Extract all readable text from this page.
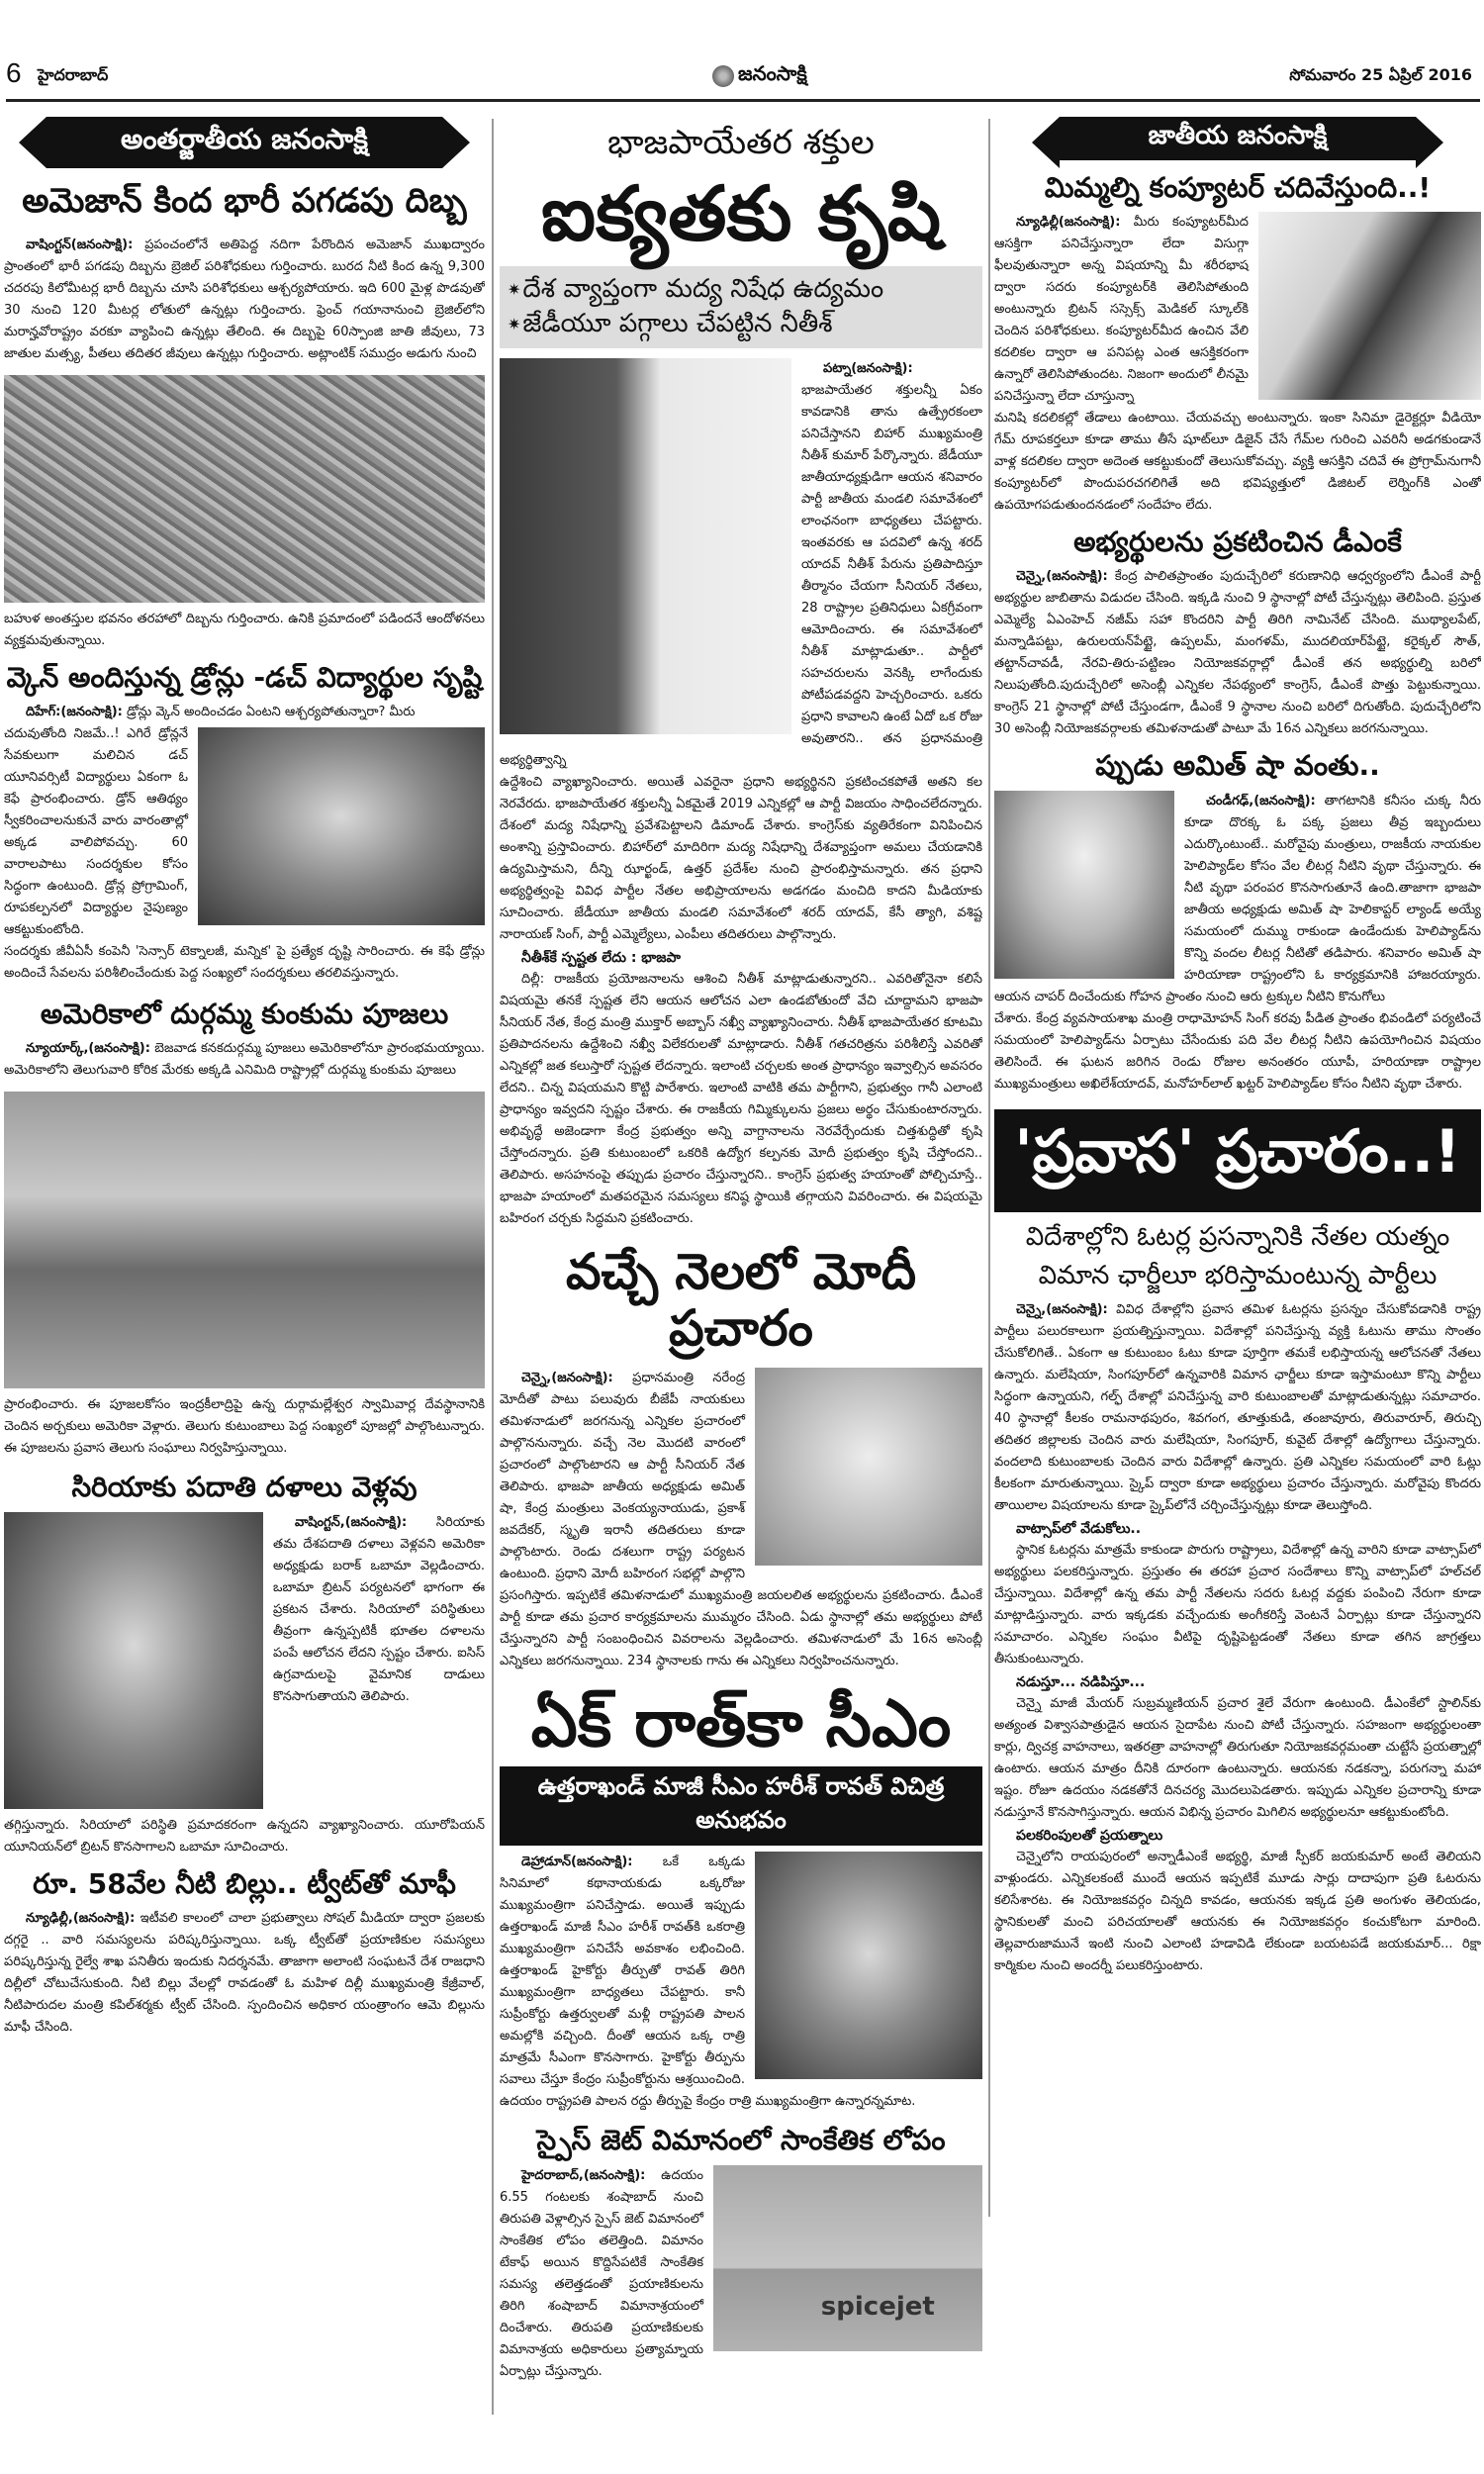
6 హైదరాబాద్	జనంసాక్షి	సోమవారం 25 ఏప్రిల్ 2016
అంతర్జాతీయ జనంసాక్షి
అమెజాన్ కింద భారీ పగడపు దిబ్బ

వాషింగ్టన్(జనంసాక్షి): ప్రపంచంలోనే అతిపెద్ద నదిగా పేరొందిన అమెజాన్ ముఖద్వారం ప్రాంతంలో భారీ పగడపు దిబ్బను బ్రెజిల్ పరిశోధకులు గుర్తించారు. బురద నీటి కింద ఉన్న 9,300 చదరపు కిలోమీటర్ల భారీ దిబ్బను చూసి పరిశోధకులు ఆశ్చర్యపోయారు. ఇది 600 మైళ్ల పొడవుతో 30 నుంచి 120 మీటర్ల లోతులో ఉన్నట్లు గుర్తించారు. ఫ్రెంచ్ గయానానుంచి బ్రెజిల్‌లోని మరాన్హవోరాష్ట్రం వరకూ వ్యాపించి ఉన్నట్లు తేలింది. ఈ దిబ్బపై 60స్పాంజి జాతి జీవులు, 73 జాతుల మత్స్య, పీతలు తదితర జీవులు ఉన్నట్లు గుర్తించారు. అట్లాంటిక్ సముద్రం అడుగు నుంచి

బహుళ అంతస్తుల భవనం తరహాలో దిబ్బను గుర్తించారు. ఉనికి ప్రమాదంలో పడిందనే ఆందోళనలు వ్యక్తమవుతున్నాయి.

వ్కెన్ అందిస్తున్న డ్రోన్లు -డచ్ విద్యార్థుల సృష్టి

దిహేగ్:(జనంసాక్షి): డ్రోన్లు వ్కెన్ అందించడం ఏంటని ఆశ్చర్యపోతున్నారా? మీరు

చదువుతోంది నిజమే..! ఎగిరే డ్రోన్లనే సేవకులుగా మలిచిన డచ్ యూనివర్సిటీ విద్యార్థులు ఏకంగా ఓ కెఫే ప్రారంభించారు. డ్రోన్ ఆతిథ్యం స్వీకరించాలనుకునే వారు వారంతాల్లో అక్కడ వాలిపోవచ్చు. 60 వారాలపాటు సందర్శకుల కోసం సిద్ధంగా ఉంటుంది. డ్రోన్ల ప్రోగ్రామింగ్, రూపకల్పనలో విద్యార్థుల నైపుణ్యం ఆకట్టుకుంటోంది.

సందర్శకు జీవీఏసీ కంపెనీ 'సెన్సార్ టెక్నాలజీ, మన్నిక' పై ప్రత్యేక దృష్టి సారించారు. ఈ కెఫే డ్రోన్లు అందించే సేవలను పరిశీలించేందుకు పెద్ద సంఖ్యలో సందర్శకులు తరలివస్తున్నారు.

అమెరికాలో దుర్గమ్మ కుంకుమ పూజలు

న్యూయార్క్,(జనంసాక్షి): బెజవాడ కనకదుర్గమ్మ పూజలు అమెరికాలోనూ ప్రారంభమయ్యాయి. అమెరికాలోని తెలుగువారి కోరిక మేరకు అక్కడి ఎనిమిది రాష్ట్రాల్లో దుర్గమ్మ కుంకుమ పూజలు

ప్రారంభించారు. ఈ పూజలకోసం ఇంద్రకీలాద్రిపై ఉన్న దుర్గామల్లేశ్వర స్వామివార్ల దేవస్థానానికి చెందిన అర్చకులు అమెరికా వెళ్లారు. తెలుగు కుటుంబాలు పెద్ద సంఖ్యలో పూజల్లో పాల్గొంటున్నారు. ఈ పూజలను ప్రవాస తెలుగు సంఘాలు నిర్వహిస్తున్నాయి.

సిరియాకు పదాతి దళాలు వెళ్లవు

వాషింగ్టన్,(జనంసాక్షి): సిరియాకు తమ దేశపదాతి దళాలు వెళ్లవని అమెరికా అధ్యక్షుడు బరాక్ ఒబామా వెల్లడించారు. ఒబామా బ్రిటన్ పర్యటనలో భాగంగా ఈ ప్రకటన చేశారు. సిరియాలో పరిస్థితులు తీవ్రంగా ఉన్నప్పటికీ భూతల దళాలను పంపే ఆలోచన లేదని స్పష్టం చేశారు. ఐసిస్ ఉగ్రవాదులపై వైమానిక దాడులు కొనసాగుతాయని తెలిపారు.

తగ్గిస్తున్నారు. సిరియాలో పరిస్థితి ప్రమాదకరంగా ఉన్నదని వ్యాఖ్యానించారు. యూరోపియన్ యూనియన్‌లో బ్రిటన్ కొనసాగాలని ఒబామా సూచించారు.

రూ. 58వేల నీటి బిల్లు.. ట్వీట్‌తో మాఫీ

న్యూఢిల్లీ,(జనంసాక్షి): ఇటీవలి కాలంలో చాలా ప్రభుత్వాలు సోషల్ మీడియా ద్వారా ప్రజలకు దగ్గరై .. వారి సమస్యలను పరిష్కరిస్తున్నాయి. ఒక్క ట్వీట్‌తో ప్రయాణికుల సమస్యలు పరిష్కరిస్తున్న రైల్వే శాఖ పనితీరు ఇందుకు నిదర్శనమే. తాజాగా అలాంటి సంఘటనే దేశ రాజధాని దిల్లీలో చోటుచేసుకుంది. నీటి బిల్లు వేలల్లో రావడంతో ఓ మహిళ దిల్లీ ముఖ్యమంత్రి కేజ్రీవాల్, నీటిపారుదల మంత్రి కపిల్‌శర్మకు ట్వీట్ చేసింది. స్పందించిన అధికార యంత్రాంగం ఆమె బిల్లును మాఫీ చేసింది.

భాజపాయేతర శక్తుల
ఐక్యతకు కృషి
✷ దేశ వ్యాప్తంగా మద్య నిషేధ ఉద్యమం
✷ జేడీయూ పగ్గాలు చేపట్టిన నీతీశ్

పట్నా(జనంసాక్షి): భాజపాయేతర శక్తులన్నీ ఏకం కావడానికి తాను ఉత్ప్రేరకంలా పనిచేస్తానని బిహార్ ముఖ్యమంత్రి నీతీశ్ కుమార్ పేర్కొన్నారు. జేడీయూ జాతీయాధ్యక్షుడిగా ఆయన శనివారం పార్టీ జాతీయ మండలి సమావేశంలో లాంఛనంగా బాధ్యతలు చేపట్టారు. ఇంతవరకు ఆ పదవిలో ఉన్న శరద్ యాదవ్ నీతీశ్ పేరును ప్రతిపాదిస్తూ తీర్మానం చేయగా సీనియర్ నేతలు, 28 రాష్ట్రాల ప్రతినిధులు ఏకగ్రీవంగా ఆమోదించారు. ఈ సమావేశంలో నీతీశ్ మాట్లాడుతూ.. పార్టీలో సహచరులను వెనక్కి లాగేందుకు పోటీపడవద్దని హెచ్చరించారు. ఒకరు ప్రధాని కావాలని ఉంటే ఏదో ఒక రోజు అవుతారని.. తన ప్రధానమంత్రి అభ్యర్థిత్వాన్ని

ఉద్దేశించి వ్యాఖ్యానించారు. అయితే ఎవరైనా ప్రధాని అభ్యర్థినని ప్రకటించకపోతే అతని కల నెరవేరదు. భాజపాయేతర శక్తులన్నీ ఏకమైతే 2019 ఎన్నికల్లో ఆ పార్టీ విజయం సాధించలేదన్నారు. దేశంలో మద్య నిషేధాన్ని ప్రవేశపెట్టాలని డిమాండ్ చేశారు. కాంగ్రెస్‌కు వ్యతిరేకంగా వినిపించిన అంశాన్ని ప్రస్తావించారు. బిహార్‌లో మాదిరిగా మద్య నిషేధాన్ని దేశవ్యాప్తంగా అమలు చేయడానికి ఉద్యమిస్తామని, దీన్ని ఝార్ఖండ్, ఉత్తర్ ప్రదేశ్‌ల నుంచి ప్రారంభిస్తామన్నారు. తన ప్రధాని అభ్యర్థిత్వంపై వివిధ పార్టీల నేతల అభిప్రాయాలను అడగడం మంచిది కాదని మీడియాకు సూచించారు. జేడీయూ జాతీయ మండలి సమావేశంలో శరద్ యాదవ్, కేసీ త్యాగి, వశిష్ట నారాయణ్ సింగ్, పార్టీ ఎమ్మెల్యేలు, ఎంపీలు తదితరులు పాల్గొన్నారు.

నీతీశ్‌కే స్పష్టత లేదు : భాజపా

దిల్లీ: రాజకీయ ప్రయోజనాలను ఆశించి నీతీశ్ మాట్లాడుతున్నారని.. ఎవరితోనైనా కలిసే విషయమై తనకే స్పష్టత లేని ఆయన ఆలోచన ఎలా ఉండబోతుందో వేచి చూద్దామని భాజపా సీనియర్ నేత, కేంద్ర మంత్రి ముక్తార్ అబ్బాస్ నఖ్వీ వ్యాఖ్యానించారు. నీతీశ్ భాజపాయేతర కూటమి ప్రతిపాదనలను ఉద్దేశించి నఖ్వీ విలేకరులతో మాట్లాడారు. నీతీశ్ గతచరిత్రను పరిశీలిస్తే ఎవరితో ఎన్నికల్లో జత కలుస్తారో స్పష్టత లేదన్నారు. ఇలాంటి చర్చలకు అంత ప్రాధాన్యం ఇవ్వాల్సిన అవసరం లేదని.. చిన్న విషయమని కొట్టి పారేశారు. ఇలాంటి వాటికి తమ పార్టీగాని, ప్రభుత్వం గానీ ఎలాంటి ప్రాధాన్యం ఇవ్వదని స్పష్టం చేశారు. ఈ రాజకీయ గిమ్మిక్కులను ప్రజలు అర్థం చేసుకుంటారన్నారు. అభివృద్ధే అజెండాగా కేంద్ర ప్రభుత్వం అన్ని వాగ్దానాలను నెరవేర్చేందుకు చిత్తశుద్ధితో కృషి చేస్తోందన్నారు. ప్రతి కుటుంబంలో ఒకరికి ఉద్యోగ కల్పనకు మోదీ ప్రభుత్వం కృషి చేస్తోందని.. తెలిపారు. అసహనంపై తప్పుడు ప్రచారం చేస్తున్నారని.. కాంగ్రెస్ ప్రభుత్వ హయాంతో పోల్చిచూస్తే.. భాజపా హయాంలో మతపరమైన సమస్యలు కనిష్ఠ స్థాయికి తగ్గాయని వివరించారు. ఈ విషయమై బహిరంగ చర్చకు సిద్ధమని ప్రకటించారు.

వచ్చే నెలలో మోదీ ప్రచారం

చెన్నై,(జనంసాక్షి): ప్రధానమంత్రి నరేంద్ర మోదీతో పాటు పలువురు బీజేపీ నాయకులు తమిళనాడులో జరగనున్న ఎన్నికల ప్రచారంలో పాల్గొననున్నారు. వచ్చే నెల మొదటి వారంలో ప్రచారంలో పాల్గొంటారని ఆ పార్టీ సీనియర్ నేత తెలిపారు. భాజపా జాతీయ అధ్యక్షుడు అమిత్ షా, కేంద్ర మంత్రులు వెంకయ్యనాయుడు, ప్రకాశ్ జవదేకర్, స్మృతి ఇరానీ తదితరులు కూడా పాల్గొంటారు. రెండు దశలుగా రాష్ట్ర పర్యటన ఉంటుంది. ప్రధాని మోదీ బహిరంగ సభల్లో పాల్గొని ప్రసంగిస్తారు. ఇప్పటికే తమిళనాడులో ముఖ్యమంత్రి జయలలిత అభ్యర్థులను ప్రకటించారు. డీఎంకే పార్టీ కూడా తమ ప్రచార కార్యక్రమాలను ముమ్మరం చేసింది. ఏడు స్థానాల్లో తమ అభ్యర్థులు పోటీ చేస్తున్నారని పార్టీ సంబంధించిన వివరాలను వెల్లడించారు. తమిళనాడులో మే 16న అసెంబ్లీ ఎన్నికలు జరగనున్నాయి. 234 స్థానాలకు గాను ఈ ఎన్నికలు నిర్వహించనున్నారు.

ఏక్ రాత్‌కా సీఎం
ఉత్తరాఖండ్ మాజీ సీఎం హరీశ్ రావత్ విచిత్ర అనుభవం

డెహ్రాడూన్(జనంసాక్షి): ఒకే ఒక్కడు సినిమాలో కథానాయకుడు ఒక్కరోజు ముఖ్యమంత్రిగా పనిచేస్తాడు. అయితే ఇప్పుడు ఉత్తరాఖండ్ మాజీ సీఎం హరీశ్ రావత్‌కి ఒకరాత్రి ముఖ్యమంత్రిగా పనిచేసే అవకాశం లభించింది. ఉత్తరాఖండ్ హైకోర్టు తీర్పుతో రావత్ తిరిగి ముఖ్యమంత్రిగా బాధ్యతలు చేపట్టారు. కానీ సుప్రీంకోర్టు ఉత్తర్వులతో మళ్లీ రాష్ట్రపతి పాలన అమల్లోకి వచ్చింది. దీంతో ఆయన ఒక్క రాత్రి మాత్రమే సీఎంగా కొనసాగారు. హైకోర్టు తీర్పును సవాలు చేస్తూ కేంద్రం సుప్రీంకోర్టును ఆశ్రయించింది. ఉదయం రాష్ట్రపతి పాలన రద్దు తీర్పుపై కేంద్రం రాత్రి ముఖ్యమంత్రిగా ఉన్నారన్నమాట.

స్పైస్ జెట్ విమానంలో సాంకేతిక లోపం
spicejet

హైదరాబాద్,(జనంసాక్షి): ఉదయం 6.55 గంటలకు శంషాబాద్ నుంచి తిరుపతి వెళ్లాల్సిన స్పైస్ జెట్ విమానంలో సాంకేతిక లోపం తలెత్తింది. విమానం టేకాఫ్ అయిన కొద్దిసేపటికే సాంకేతిక సమస్య తలెత్తడంతో ప్రయాణికులను తిరిగి శంషాబాద్ విమానాశ్రయంలో దించేశారు. తిరుపతి ప్రయాణికులకు విమానాశ్రయ అధికారులు ప్రత్యామ్నాయ ఏర్పాట్లు చేస్తున్నారు.

జాతీయ జనంసాక్షి
మిమ్మల్ని కంప్యూటర్ చదివేస్తుంది..!

న్యూఢిల్లీ(జనంసాక్షి): మీరు కంప్యూటర్‌మీద ఆసక్తిగా పనిచేస్తున్నారా లేదా విసుగ్గా ఫీలవుతున్నారా అన్న విషయాన్ని మీ శరీరభాష ద్వారా సదరు కంప్యూటర్‌కి తెలిసిపోతుంది అంటున్నారు బ్రిటన్ సస్సెక్స్ మెడికల్ స్కూల్‌కి చెందిన పరిశోధకులు. కంప్యూటర్‌మీద ఉంచిన వేలి కదలికల ద్వారా ఆ పనిపట్ల ఎంత ఆసక్తికరంగా ఉన్నారో తెలిసిపోతుందట. నిజంగా అందులో లీనమై పనిచేస్తున్నా లేదా చూస్తున్నా

మనిషి కదలికల్లో తేడాలు ఉంటాయి. చేయవచ్చు అంటున్నారు. ఇంకా సినిమా డైరెక్టర్లూ వీడియో గేమ్ రూపకర్తలూ కూడా తాము తీసే షూట్‌లూ డిజైన్ చేసే గేమ్‌ల గురించి ఎవరినీ అడగకుండానే వాళ్ల కదలికల ద్వారా అదెంత ఆకట్టుకుందో తెలుసుకోవచ్చు. వ్యక్తి ఆసక్తిని చదివే ఈ ప్రోగ్రామ్‌నుగానీ కంప్యూటర్‌లో పొందుపరచగలిగితే అది భవిష్యత్తులో డిజిటల్ లెర్నింగ్‌కి ఎంతో ఉపయోగపడుతుందనడంలో సందేహం లేదు.

అభ్యర్థులను ప్రకటించిన డీఎంకే

చెన్నై,(జనంసాక్షి): కేంద్ర పాలితప్రాంతం పుదుచ్చేరిలో కరుణానిధి ఆధ్వర్యంలోని డీఎంకే పార్టీ అభ్యర్థుల జాబితాను విడుదల చేసింది. ఇక్కడి నుంచి 9 స్థానాల్లో పోటీ చేస్తున్నట్లు తెలిపింది. ప్రస్తుత ఎమ్మెల్యే ఏఎంహెచ్ నజీమ్ సహా కొందరిని పార్టీ తిరిగి నామినేట్ చేసింది. ముథ్యాలపేట్, మన్నాడిపట్టు, ఉరులయన్‌పేట్టై, ఉప్పలమ్, మంగళమ్, ముదలియార్‌పేట్టై, కరైక్కల్ సౌత్, తట్టాన్‌చావడీ, నేరవి-తిరు-పట్టిణం నియోజకవర్గాల్లో డీఎంకే తన అభ్యర్థుల్ని బరిలో నిలుపుతోంది.పుదుచ్చేరిలో అసెంబ్లీ ఎన్నికల నేపథ్యంలో కాంగ్రెస్, డీఎంకే పొత్తు పెట్టుకున్నాయి. కాంగ్రెస్ 21 స్థానాల్లో పోటీ చేస్తుండగా, డీఎంకే 9 స్థానాల నుంచి బరిలో దిగుతోంది. పుదుచ్చేరిలోని 30 అసెంబ్లీ నియోజకవర్గాలకు తమిళనాడుతో పాటూ మే 16న ఎన్నికలు జరగనున్నాయి.

ప్పుడు అమిత్ షా వంతు..

చండీగఢ్,(జనంసాక్షి): తాగటానికి కనీసం చుక్క నీరు కూడా దొరక్క ఓ పక్క ప్రజలు తీవ్ర ఇబ్బందులు ఎదుర్కొంటుంటే.. మరోవైపు మంత్రులు, రాజకీయ నాయకుల హెలిప్యాడ్‌ల కోసం వేల లీటర్ల నీటిని వృథా చేస్తున్నారు. ఈ నీటి వృథా పరంపర కొనసాగుతూనే ఉంది.తాజాగా భాజపా జాతీయ అధ్యక్షుడు అమిత్ షా హెలికాప్టర్ ల్యాండ్ అయ్యే సమయంలో దుమ్ము రాకుండా ఉండేందుకు హెలిప్యాడ్‌ను కొన్ని వందల లీటర్ల నీటితో తడిపారు. శనివారం అమిత్ షా హరియాణా రాష్ట్రంలోని ఓ కార్యక్రమానికి హాజరయ్యారు. ఆయన చాపర్ దించేందుకు గోహన ప్రాంతం నుంచి ఆరు ట్రక్కుల నీటిని కొనుగోలు

చేశారు. కేంద్ర వ్యవసాయశాఖ మంత్రి రాధామోహన్ సింగ్ కరవు పీడిత ప్రాంతం భివండిలో పర్యటించే సమయంలో హెలిప్యాడ్‌ను ఏర్పాటు చేసేందుకు పది వేల లీటర్ల నీటిని ఉపయోగించిన విషయం తెలిసిందే. ఈ ఘటన జరిగిన రెండు రోజుల అనంతరం యూపీ, హరియాణా రాష్ట్రాల ముఖ్యమంత్రులు అఖిలేశ్‌యాదవ్, మనోహర్‌లాల్ ఖట్టర్ హెలిప్యాడ్‌ల కోసం నీటిని వృథా చేశారు.

'ప్రవాస' ప్రచారం..!
విదేశాల్లోని ఓటర్ల ప్రసన్నానికి నేతల యత్నం
విమాన ఛార్జీలూ భరిస్తామంటున్న పార్టీలు

చెన్నై,(జనంసాక్షి): వివిధ దేశాల్లోని ప్రవాస తమిళ ఓటర్లను ప్రసన్నం చేసుకోవడానికి రాష్ట్ర పార్టీలు పలురకాలుగా ప్రయత్నిస్తున్నాయి. విదేశాల్లో పనిచేస్తున్న వ్యక్తి ఓటును తాము సొంతం చేసుకోలిగితే.. ఏకంగా ఆ కుటుంబం ఓటు కూడా పూర్తిగా తమకే లభిస్తాయన్న ఆలోచనతో నేతలు ఉన్నారు. మలేషియా, సింగపూర్‌లో ఉన్నవారికి విమాన ఛార్జీలు కూడా ఇస్తామంటూ కొన్ని పార్టీలు సిద్ధంగా ఉన్నాయని, గల్ఫ్ దేశాల్లో పనిచేస్తున్న వారి కుటుంబాలతో మాట్లాడుతున్నట్లు సమాచారం. 40 స్థానాల్లో కీలకం రామనాథపురం, శివగంగ, తూత్తుకుడి, తంజావూరు, తిరువారూర్, తిరుచ్చి తదితర జిల్లాలకు చెందిన వారు మలేషియా, సింగపూర్, కువైట్ దేశాల్లో ఉద్యోగాలు చేస్తున్నారు. వందలాది కుటుంబాలకు చెందిన వారు విదేశాల్లో ఉన్నారు. ప్రతి ఎన్నికల సమయంలో వారి ఓట్లు కీలకంగా మారుతున్నాయి. స్కైప్ ద్వారా కూడా అభ్యర్థులు ప్రచారం చేస్తున్నారు. మరోవైపు కొందరు తాయిలాల విషయాలను కూడా స్కైప్‌లోనే చర్చించేస్తున్నట్లు కూడా తెలుస్తోంది.

వాట్సాప్‌లో వేడుకోలు..

స్థానిక ఓటర్లను మాత్రమే కాకుండా పొరుగు రాష్ట్రాలు, విదేశాల్లో ఉన్న వారిని కూడా వాట్సాప్‌లో అభ్యర్థులు పలకరిస్తున్నారు. ప్రస్తుతం ఈ తరహా ప్రచార సందేశాలు కొన్ని వాట్సాప్‌లో హల్‌చల్ చేస్తున్నాయి. విదేశాల్లో ఉన్న తమ పార్టీ నేతలను సదరు ఓటర్ల వద్దకు పంపించి నేరుగా కూడా మాట్లాడిస్తున్నారు. వారు ఇక్కడకు వచ్చేందుకు అంగీకరిస్తే వెంటనే ఏర్పాట్లు కూడా చేస్తున్నారని సమాచారం. ఎన్నికల సంఘం వీటిపై దృష్టిపెట్టడంతో నేతలు కూడా తగిన జాగ్రత్తలు తీసుకుంటున్నారు.

నడుస్తూ... నడిపిస్తూ...

చెన్నై మాజీ మేయర్ సుబ్రమ్మణియన్ ప్రచార శైలే వేరుగా ఉంటుంది. డీఎంకేలో స్టాలిన్‌కు అత్యంత విశ్వాసపాత్రుడైన ఆయన సైదాపేట నుంచి పోటీ చేస్తున్నారు. సహజంగా అభ్యర్థులంతా కార్లు, ద్విచక్ర వాహనాలు, ఇతరత్రా వాహనాల్లో తిరుగుతూ నియోజకవర్గమంతా చుట్టేసే ప్రయత్నాల్లో ఉంటారు. ఆయన మాత్రం దీనికి దూరంగా ఉంటున్నారు. ఆయనకు నడకన్నా, పరుగన్నా మహా ఇష్టం. రోజూ ఉదయం నడకతోనే దినచర్య మొదలుపెడతారు. ఇప్పుడు ఎన్నికల ప్రచారాన్ని కూడా నడుస్తూనే కొనసాగిస్తున్నారు. ఆయన విభిన్న ప్రచారం మిగిలిన అభ్యర్థులనూ ఆకట్టుకుంటోంది.

పలకరింపులతో ప్రయత్నాలు

చెన్నైలోని రాయపురంలో అన్నాడీఎంకే అభ్యర్థి, మాజీ స్పీకర్ జయకుమార్ అంటే తెలియని వాళ్లుండరు. ఎన్నికలకంటే ముందే ఆయన ఇప్పటికే మూడు సార్లు దాదాపుగా ప్రతి ఓటరును కలిసేశారట. ఈ నియోజకవర్గం చిన్నది కావడం, ఆయనకు ఇక్కడ ప్రతి అంగుళం తెలియడం, స్థానికులతో మంచి పరిచయాలతో ఆయనకు ఈ నియోజకవర్గం కంచుకోటగా మారింది. తెల్లవారుజామునే ఇంటి నుంచి ఎలాంటి హడావిడి లేకుండా బయటపడే జయకుమార్... రిక్షా కార్మికుల నుంచి అందర్నీ పలుకరిస్తుంటారు.
